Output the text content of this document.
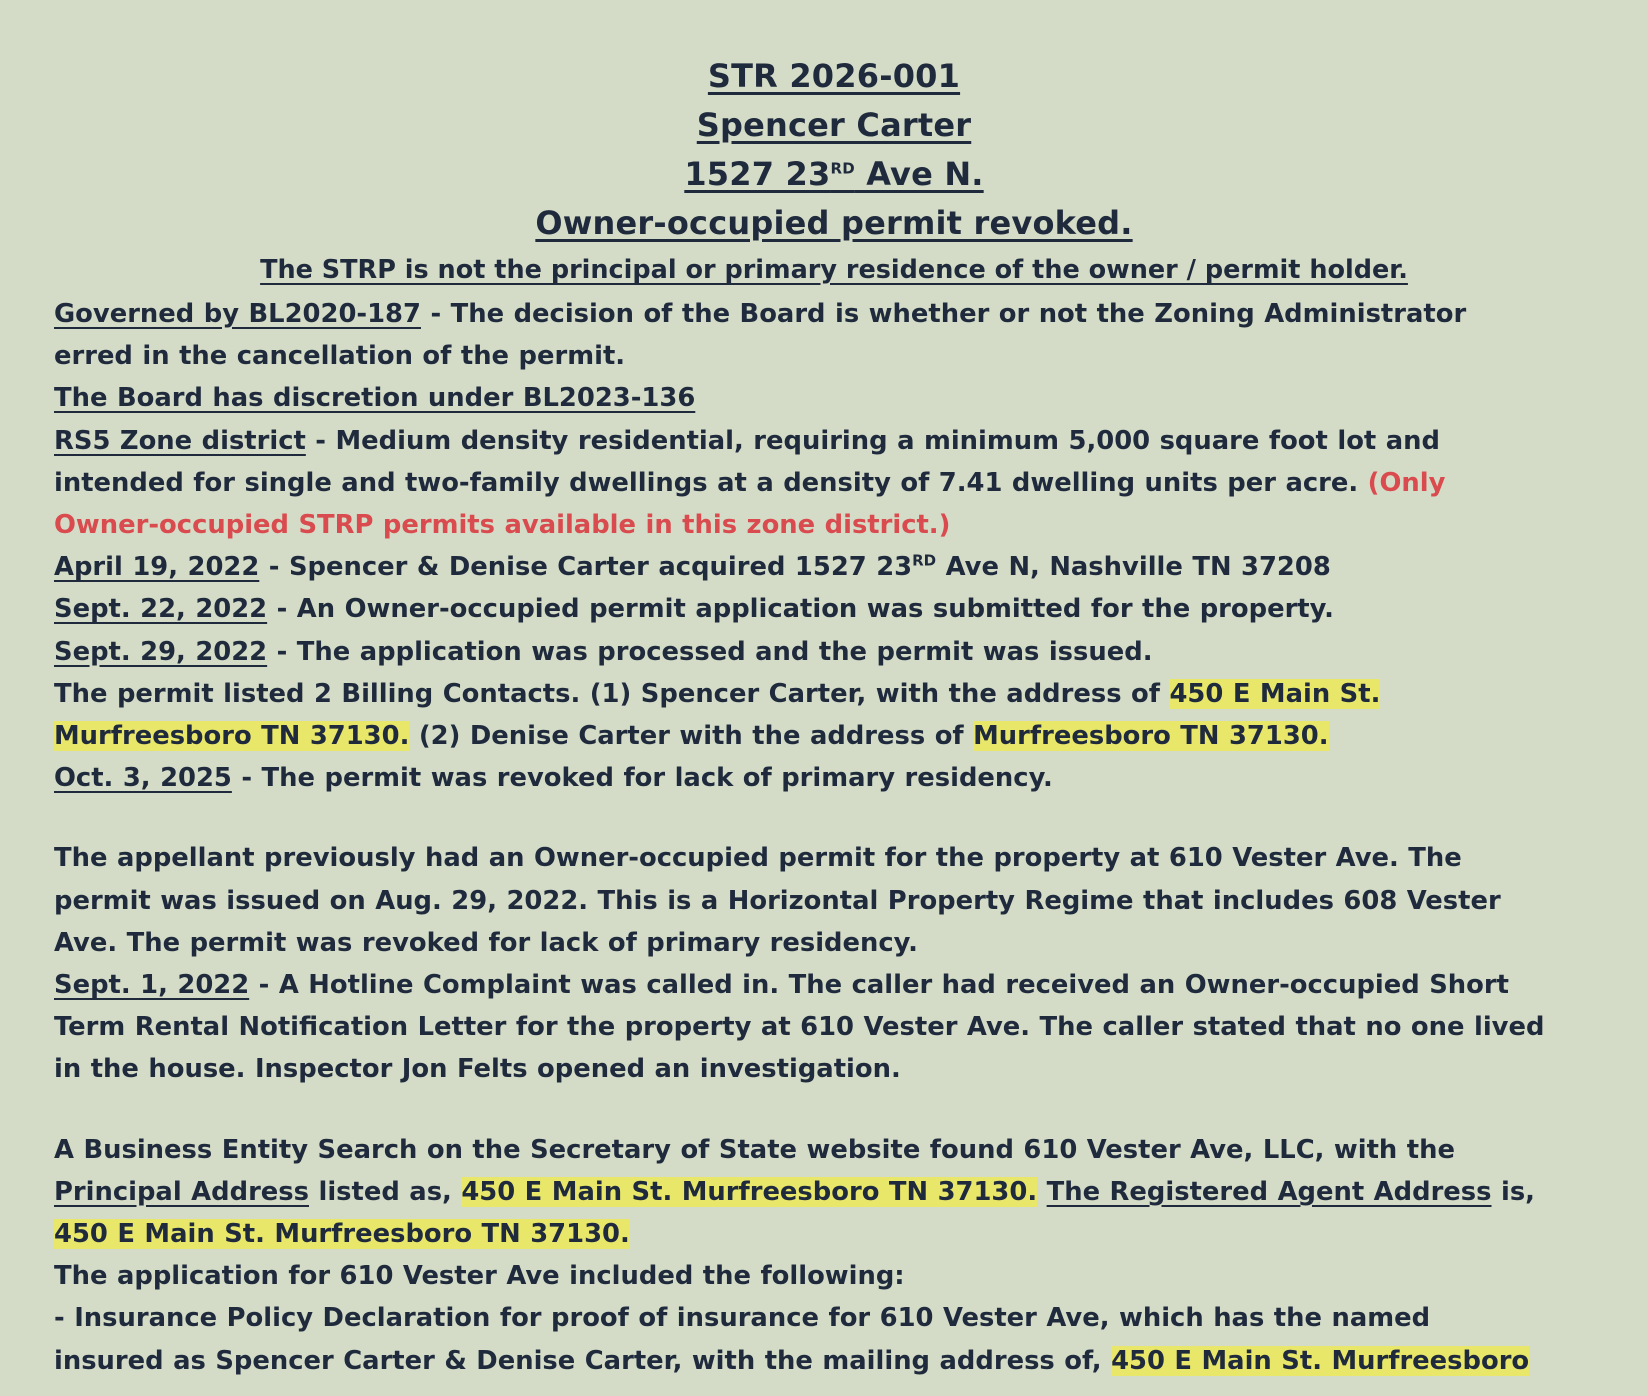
STR 2026-001
Spencer Carter
1527 23RD Ave N.
Owner-occupied permit revoked.
The STRP is not the principal or primary residence of the owner / permit holder.
Governed by BL2020-187 - The decision of the Board is whether or not the Zoning Administrator
erred in the cancellation of the permit.
The Board has discretion under BL2023-136
RS5 Zone district - Medium density residential, requiring a minimum 5,000 square foot lot and
intended for single and two-family dwellings at a density of 7.41 dwelling units per acre. (Only
Owner-occupied STRP permits available in this zone district.)
April 19, 2022 - Spencer & Denise Carter acquired 1527 23RD Ave N, Nashville TN 37208
Sept. 22, 2022 - An Owner-occupied permit application was submitted for the property.
Sept. 29, 2022 - The application was processed and the permit was issued.
The permit listed 2 Billing Contacts. (1) Spencer Carter, with the address of 450 E Main St.
Murfreesboro TN 37130. (2) Denise Carter with the address of Murfreesboro TN 37130.
Oct. 3, 2025 - The permit was revoked for lack of primary residency.
The appellant previously had an Owner-occupied permit for the property at 610 Vester Ave. The
permit was issued on Aug. 29, 2022. This is a Horizontal Property Regime that includes 608 Vester
Ave. The permit was revoked for lack of primary residency.
Sept. 1, 2022 - A Hotline Complaint was called in. The caller had received an Owner-occupied Short
Term Rental Notification Letter for the property at 610 Vester Ave. The caller stated that no one lived
in the house. Inspector Jon Felts opened an investigation.
A Business Entity Search on the Secretary of State website found 610 Vester Ave, LLC, with the
Principal Address listed as, 450 E Main St. Murfreesboro TN 37130. The Registered Agent Address is,
450 E Main St. Murfreesboro TN 37130.
The application for 610 Vester Ave included the following:
- Insurance Policy Declaration for proof of insurance for 610 Vester Ave, which has the named
insured as Spencer Carter & Denise Carter, with the mailing address of, 450 E Main St. Murfreesboro
